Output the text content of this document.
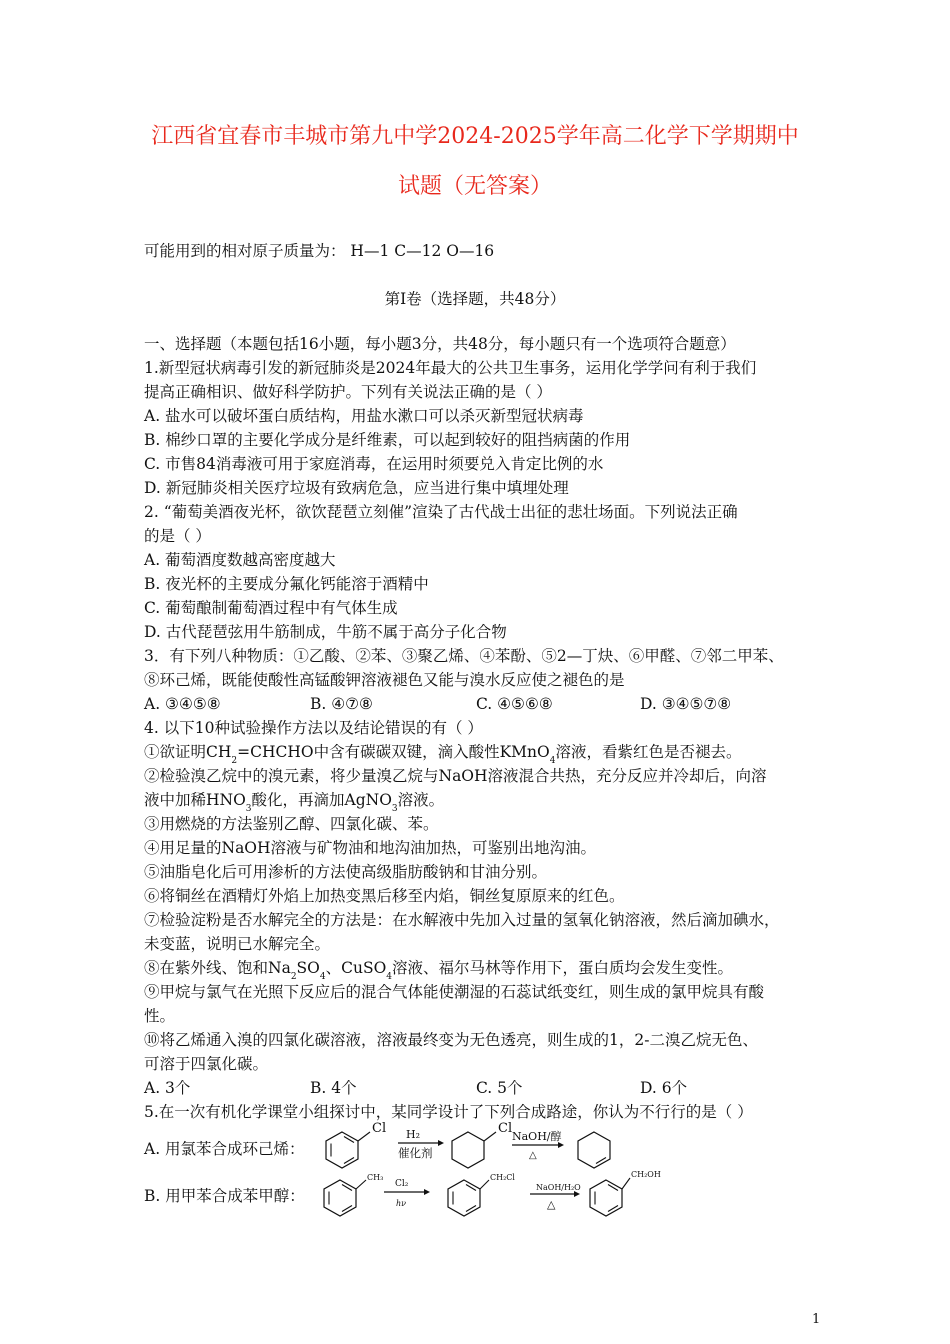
江西省宜春市丰城市第九中学2024-2025学年高二化学下学期期中
试题（无答案）
可能用到的相对原子质量为： H—1 C—12 O—16
第Ⅰ卷（选择题，共48分）
一、选择题（本题包括16小题，每小题3分，共48分，每小题只有一个选项符合题意）
1.新型冠状病毒引发的新冠肺炎是2024年最大的公共卫生事务，运用化学学问有利于我们
提高正确相识、做好科学防护。下列有关说法正确的是（ ）
A. 盐水可以破坏蛋白质结构，用盐水漱口可以杀灭新型冠状病毒
B. 棉纱口罩的主要化学成分是纤维素，可以起到较好的阻挡病菌的作用
C. 市售84消毒液可用于家庭消毒，在运用时须要兑入肯定比例的水
D. 新冠肺炎相关医疗垃圾有致病危急，应当进行集中填埋处理
2. “葡萄美酒夜光杯，欲饮琵琶立刻催”渲染了古代战士出征的悲壮场面。下列说法正确
的是（ ）
A. 葡萄酒度数越高密度越大
B. 夜光杯的主要成分氟化钙能溶于酒精中
C. 葡萄酿制葡萄酒过程中有气体生成
D. 古代琵琶弦用牛筋制成，牛筋不属于高分子化合物
3．有下列八种物质：①乙酸、②苯、③聚乙烯、④苯酚、⑤2—丁炔、⑥甲醛、⑦邻二甲苯、
⑧环己烯，既能使酸性高锰酸钾溶液褪色又能与溴水反应使之褪色的是
A. ③④⑤⑧	B. ④⑦⑧	C. ④⑤⑥⑧	D. ③④⑤⑦⑧
4. 以下10种试验操作方法以及结论错误的有（ ）
①欲证明$CH_2=CHCHO$中含有碳碳双键，滴入酸性KMnO$_4$溶液，看紫红色是否褪去。
②检验溴乙烷中的溴元素，将少量溴乙烷与NaOH溶液混合共热，充分反应并冷却后，向溶
液中加稀$HNO_3$酸化，再滴加AgNO$_3$溶液。
③用燃烧的方法鉴别乙醇、四氯化碳、苯。
④用足量的NaOH溶液与矿物油和地沟油加热，可鉴别出地沟油。
⑤油脂皂化后可用渗析的方法使高级脂肪酸钠和甘油分别。
⑥将铜丝在酒精灯外焰上加热变黑后移至内焰，铜丝复原原来的红色。
⑦检验淀粉是否水解完全的方法是：在水解液中先加入过量的氢氧化钠溶液，然后滴加碘水，
未变蓝，说明已水解完全。
⑧在紫外线、饱和$Na_2SO_4$、CuSO$_4$溶液、福尔马林等作用下，蛋白质均会发生变性。
⑨甲烷与氯气在光照下反应后的混合气体能使潮湿的石蕊试纸变红，则生成的氯甲烷具有酸
性。
⑩将乙烯通入溴的四氯化碳溶液，溶液最终变为无色透亮，则生成的1，2-二溴乙烷无色、
可溶于四氯化碳。
A. 3个	B. 4个	C. 5个	D. 6个
5.在一次有机化学课堂小组探讨中，某同学设计了下列合成路途，你认为不行行的是（ ）
A. 用氯苯合成环己烯：
Cl H₂
催化剂
Cl
NaOH/醇
△
B. 用甲苯合成苯甲醇：
CH₃
Cl₂
hν
CH₂Cl
NaOH/H₂O
△
CH₂OH
1
